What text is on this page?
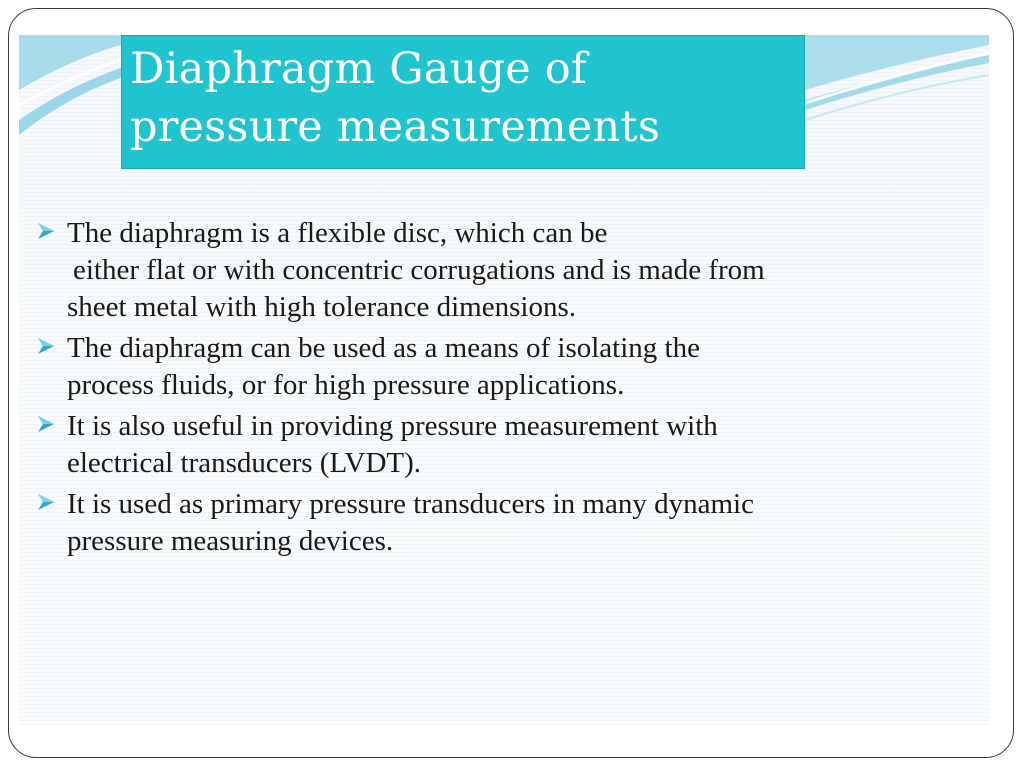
Diaphragm Gauge of
pressure measurements
The diaphragm is a flexible disc, which can be

either flat or with concentric corrugations and is made from
sheet metal with high tolerance dimensions.
The diaphragm can be used as a means of isolating the
process fluids, or for high pressure applications.
It is also useful in providing pressure measurement with
electrical transducers (LVDT).
It is used as primary pressure transducers in many dynamic
pressure measuring devices.
